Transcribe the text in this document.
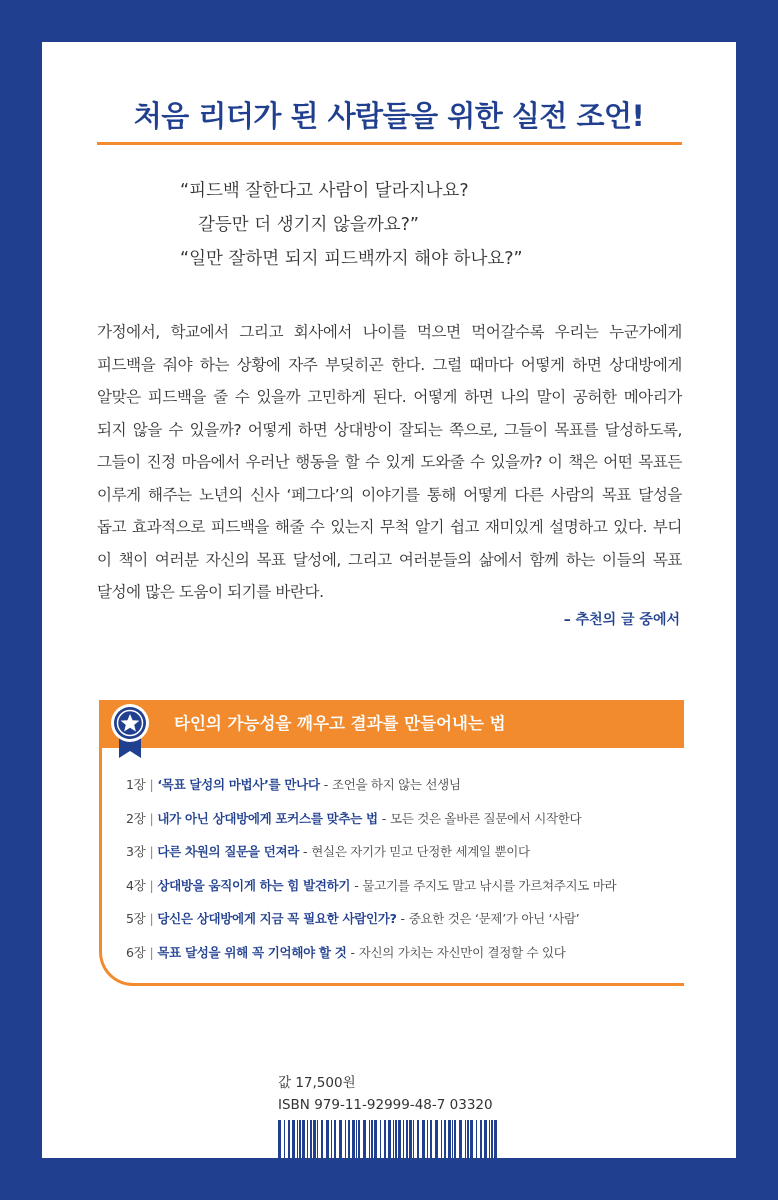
처음 리더가 된 사람들을 위한 실전 조언!
“피드백 잘한다고 사람이 달라지나요?
갈등만 더 생기지 않을까요?”
“일만 잘하면 되지 피드백까지 해야 하나요?”

가정에서, 학교에서 그리고 회사에서 나이를 먹으면 먹어갈수록 우리는 누군가에게 피드백을 줘야 하는 상황에 자주 부딪히곤 한다. 그럴 때마다 어떻게 하면 상대방에게 알맞은 피드백을 줄 수 있을까 고민하게 된다. 어떻게 하면 나의 말이 공허한 메아리가 되지 않을 수 있을까? 어떻게 하면 상대방이 잘되는 쪽으로, 그들이 목표를 달성하도록, 그들이 진정 마음에서 우러난 행동을 할 수 있게 도와줄 수 있을까? 이 책은 어떤 목표든 이루게 해주는 노년의 신사 ‘페그다’의 이야기를 통해 어떻게 다른 사람의 목표 달성을 돕고 효과적으로 피드백을 해줄 수 있는지 무척 알기 쉽고 재미있게 설명하고 있다. 부디 이 책이 여러분 자신의 목표 달성에, 그리고 여러분들의 삶에서 함께 하는 이들의 목표 달성에 많은 도움이 되기를 바란다.

– 추천의 글 중에서
타인의 가능성을 깨우고 결과를 만들어내는 법
1장 | ‘목표 달성의 마법사’를 만나다 - 조언을 하지 않는 선생님
2장 | 내가 아닌 상대방에게 포커스를 맞추는 법 - 모든 것은 올바른 질문에서 시작한다
3장 | 다른 차원의 질문을 던져라 - 현실은 자기가 믿고 단정한 세계일 뿐이다
4장 | 상대방을 움직이게 하는 힘 발견하기 - 물고기를 주지도 말고 낚시를 가르쳐주지도 마라
5장 | 당신은 상대방에게 지금 꼭 필요한 사람인가? - 중요한 것은 ‘문제’가 아닌 ‘사람’
6장 | 목표 달성을 위해 꼭 기억해야 할 것 - 자신의 가치는 자신만이 결정할 수 있다
값 17,500원
ISBN 979-11-92999-48-7 03320
